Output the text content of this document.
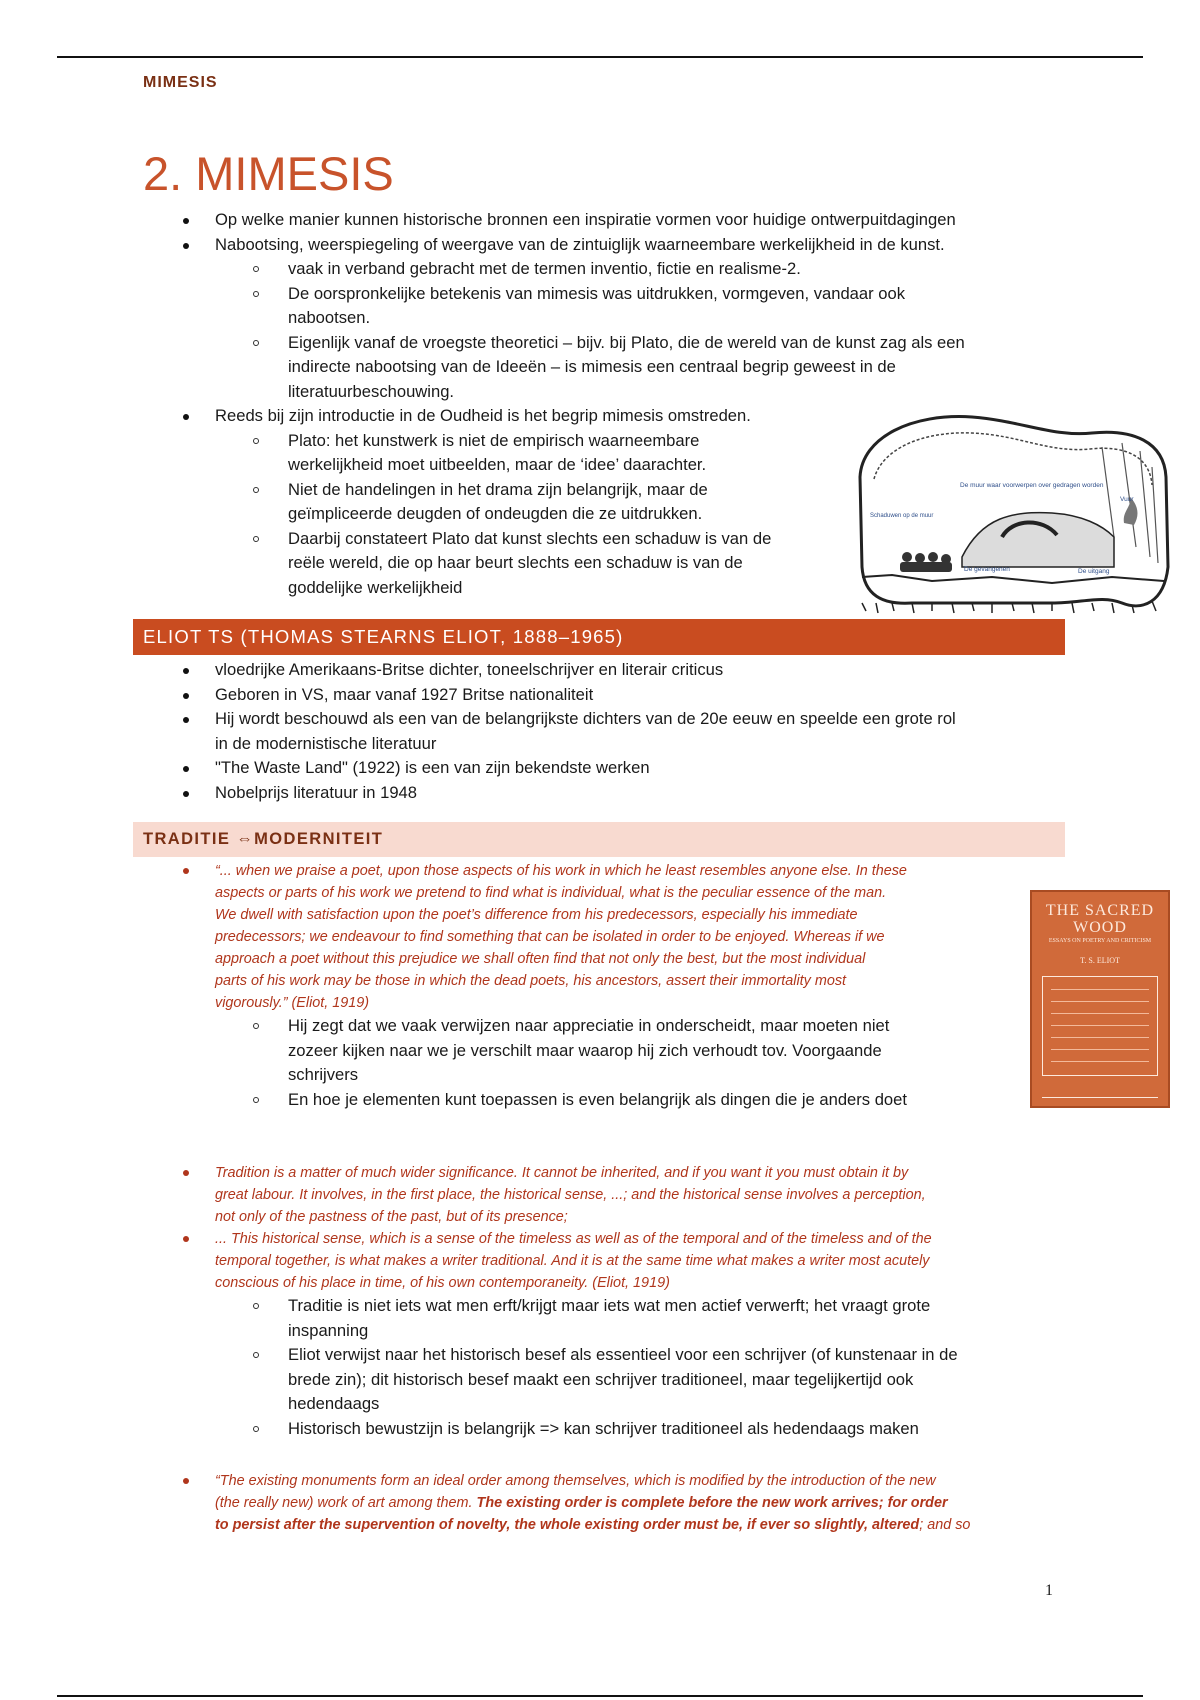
MIMESIS
2. MIMESIS
Op welke manier kunnen historische bronnen een inspiratie vormen voor huidige ontwerpuitdagingen
Nabootsing, weerspiegeling of weergave van de zintuiglijk waarneembare werkelijkheid in de kunst.
vaak in verband gebracht met de termen inventio, fictie en realisme-2.
De oorspronkelijke betekenis van mimesis was uitdrukken, vormgeven, vandaar ook
nabootsen.
Eigenlijk vanaf de vroegste theoretici – bijv. bij Plato, die de wereld van de kunst zag als een
indirecte nabootsing van de Ideeën – is mimesis een centraal begrip geweest in de
literatuurbeschouwing.
Reeds bij zijn introductie in de Oudheid is het begrip mimesis omstreden.
Plato: het kunstwerk is niet de empirisch waarneembare
werkelijkheid moet uitbeelden, maar de ‘idee’ daarachter.
Niet de handelingen in het drama zijn belangrijk, maar de
geïmpliceerde deugden of ondeugden die ze uitdrukken.
Daarbij constateert Plato dat kunst slechts een schaduw is van de
reële wereld, die op haar beurt slechts een schaduw is van de
goddelijke werkelijkheid
De muur waar voorwerpen over gedragen worden
Schaduwen op de muur
Vuur
De gevangenen	De uitgang
ELIOT TS (THOMAS STEARNS ELIOT, 1888–1965)
vloedrijke Amerikaans-Britse dichter, toneelschrijver en literair criticus
Geboren in VS, maar vanaf 1927 Britse nationaliteit
Hij wordt beschouwd als een van de belangrijkste dichters van de 20e eeuw en speelde een grote rol
in de modernistische literatuur
"The Waste Land" (1922) is een van zijn bekendste werken
Nobelprijs literatuur in 1948
TRADITIE ⇔MODERNITEIT
“... when we praise a poet, upon those aspects of his work in which he least resembles anyone else. In these
aspects or parts of his work we pretend to find what is individual, what is the peculiar essence of the man.
We dwell with satisfaction upon the poet’s difference from his predecessors, especially his immediate
predecessors; we endeavour to find something that can be isolated in order to be enjoyed. Whereas if we
approach a poet without this prejudice we shall often find that not only the best, but the most individual
parts of his work may be those in which the dead poets, his ancestors, assert their immortality most
vigorously.” (Eliot, 1919)
Hij zegt dat we vaak verwijzen naar appreciatie in onderscheidt, maar moeten niet
zozeer kijken naar we je verschilt maar waarop hij zich verhoudt tov. Voorgaande
schrijvers
En hoe je elementen kunt toepassen is even belangrijk als dingen die je anders doet
THE SACRED
WOOD
ESSAYS ON POETRY AND CRITICISM
T. S. ELIOT
Tradition is a matter of much wider significance. It cannot be inherited, and if you want it you must obtain it by
great labour. It involves, in the first place, the historical sense, ...; and the historical sense involves a perception,
not only of the pastness of the past, but of its presence;
... This historical sense, which is a sense of the timeless as well as of the temporal and of the timeless and of the
temporal together, is what makes a writer traditional. And it is at the same time what makes a writer most acutely
conscious of his place in time, of his own contemporaneity. (Eliot, 1919)
Traditie is niet iets wat men erft/krijgt maar iets wat men actief verwerft; het vraagt grote
inspanning
Eliot verwijst naar het historisch besef als essentieel voor een schrijver (of kunstenaar in de
brede zin); dit historisch besef maakt een schrijver traditioneel, maar tegelijkertijd ook
hedendaags
Historisch bewustzijn is belangrijk => kan schrijver traditioneel als hedendaags maken
“The existing monuments form an ideal order among themselves, which is modified by the introduction of the new
(the really new) work of art among them. The existing order is complete before the new work arrives; for order
to persist after the supervention of novelty, the whole existing order must be, if ever so slightly, altered; and so
1
